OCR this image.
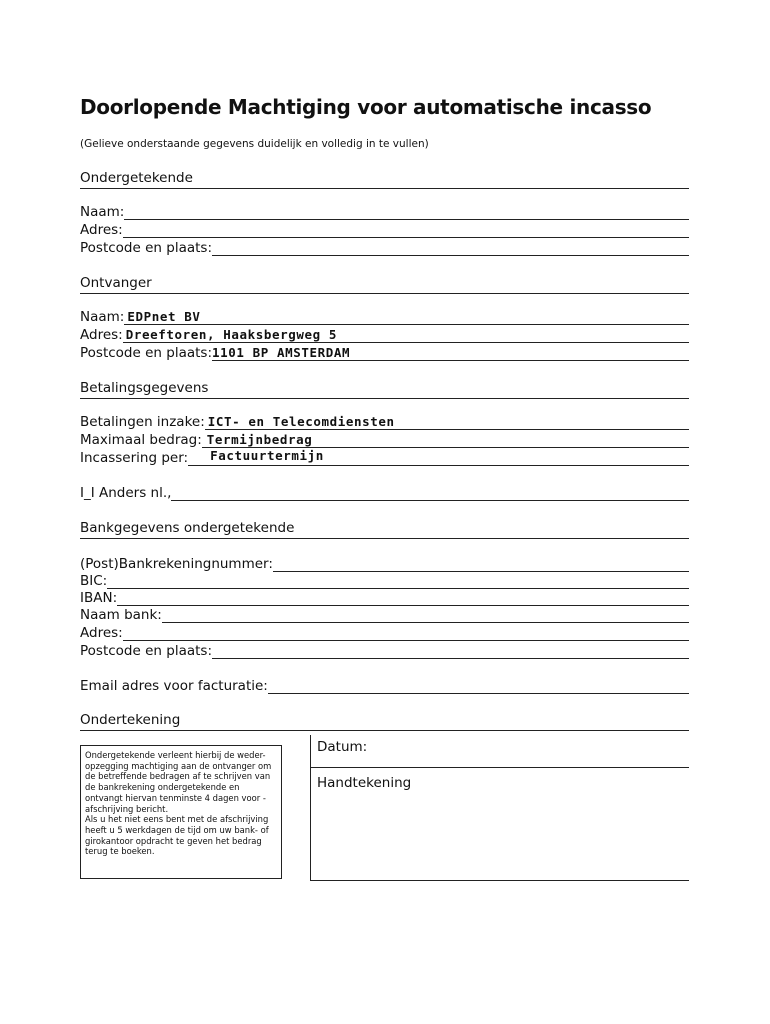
Doorlopende Machtiging voor automatische incasso
(Gelieve onderstaande gegevens duidelijk en volledig in te vullen)
Ondergetekende
Naam:
Adres:
Postcode en plaats:
Ontvanger
Naam: EDPnet BV
Adres: Dreeftoren, Haaksbergweg 5
Postcode en plaats: 1101 BP AMSTERDAM
Betalingsgegevens
Betalingen inzake: ICT- en Telecomdiensten
Maximaal bedrag: Termijnbedrag
Incassering per: Factuurtermijn
I_I Anders nl.,
Bankgegevens ondergetekende
(Post)Bankrekeningnummer:
BIC:
IBAN:
Naam bank:
Adres:
Postcode en plaats:
Email adres voor facturatie:
Ondertekening

Ondergetekende verleent hierbij de weder-

opzegging machtiging aan de ontvanger om

de betreffende bedragen af te schrijven van

de bankrekening ondergetekende en

ontvangt hiervan tenminste 4 dagen voor -

afschrijving bericht.

Als u het niet eens bent met de afschrijving

heeft u 5 werkdagen de tijd om uw bank- of

girokantoor opdracht te geven het bedrag

terug te boeken.

Datum:
Handtekening
